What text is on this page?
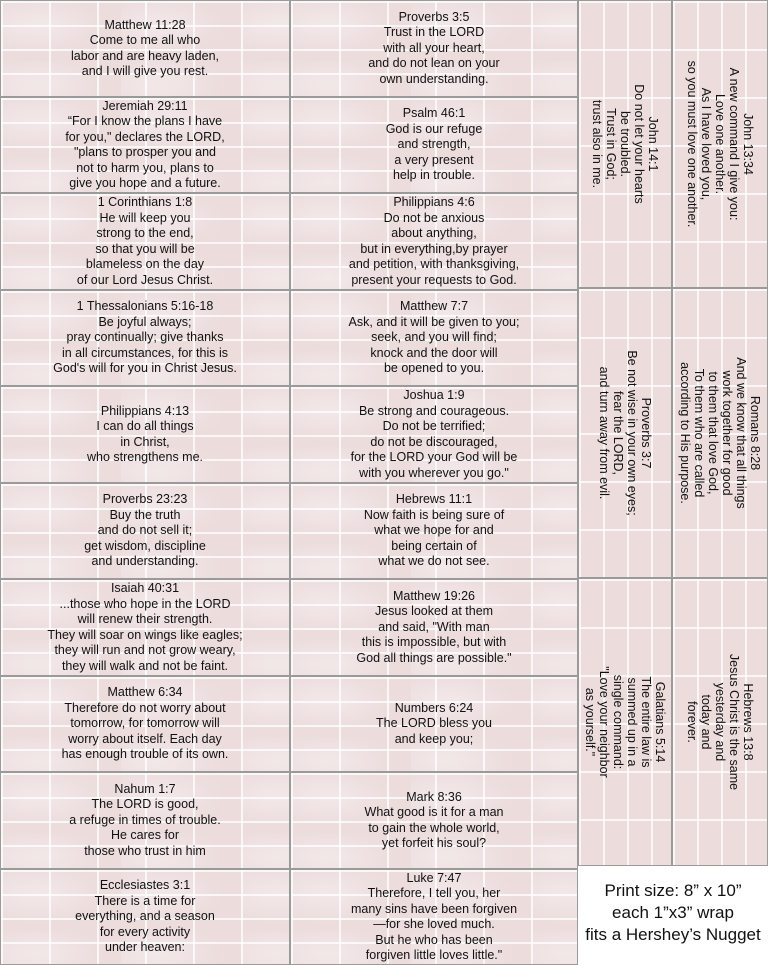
Matthew 11:28
Come to me all who
labor and are heavy laden,
and I will give you rest.
Jeremiah 29:11
“For I know the plans I have
for you," declares the LORD,
"plans to prosper you and
not to harm you, plans to
give you hope and a future.
1 Corinthians 1:8
He will keep you
strong to the end,
so that you will be
blameless on the day
of our Lord Jesus Christ.
1 Thessalonians 5:16-18
Be joyful always;
pray continually; give thanks
in all circumstances, for this is
God's will for you in Christ Jesus.
Philippians 4:13
I can do all things
in Christ,
who strengthens me.
Proverbs 23:23
Buy the truth
and do not sell it;
get wisdom, discipline
and understanding.
Isaiah 40:31
...those who hope in the LORD
will renew their strength.
They will soar on wings like eagles;
they will run and not grow weary,
they will walk and not be faint.
Matthew 6:34
Therefore do not worry about
tomorrow, for tomorrow will
worry about itself. Each day
has enough trouble of its own.
Nahum 1:7
The LORD is good,
a refuge in times of trouble.
He cares for
those who trust in him
Ecclesiastes 3:1
There is a time for
everything, and a season
for every activity
under heaven:
Proverbs 3:5
Trust in the LORD
with all your heart,
and do not lean on your
own understanding.
Psalm 46:1
God is our refuge
and strength,
a very present
help in trouble.
Philippians 4:6
Do not be anxious
about anything,
but in everything,by prayer
and petition, with thanksgiving,
present your requests to God.
Matthew 7:7
Ask, and it will be given to you;
seek, and you will find;
knock and the door will
be opened to you.
Joshua 1:9
Be strong and courageous.
Do not be terrified;
do not be discouraged,
for the LORD your God will be
with you wherever you go."
Hebrews 11:1
Now faith is being sure of
what we hope for and
being certain of
what we do not see.
Matthew 19:26
Jesus looked at them
and said, "With man
this is impossible, but with
God all things are possible."
Numbers 6:24
The LORD bless you
and keep you;
Mark 8:36
What good is it for a man
to gain the whole world,
yet forfeit his soul?
Luke 7:47
Therefore, I tell you, her
many sins have been forgiven
—for she loved much.
But he who has been
forgiven little loves little."
John 13:34
A new command I give you:
Love one another.
As I have loved you,
so you must love one another.
John 14:1
Do not let your hearts
be troubled.
Trust in God;
trust also in me.
Romans 8:28
And we know that all things
work together for good
to them that love God,
To them who are called
according to His purpose.
Proverbs 3:7
Be not wise in your own eyes;
fear the LORD,
and turn away from evil.
Hebrews 13:8
Jesus Christ is the same
yesterday and
today and
forever.
Galatians 5:14
The entire law is
summed up in a
single command:
"Love your neighbor
as yourself."
Print size: 8” x 10”
each 1”x3” wrap
fits a Hershey’s Nugget
